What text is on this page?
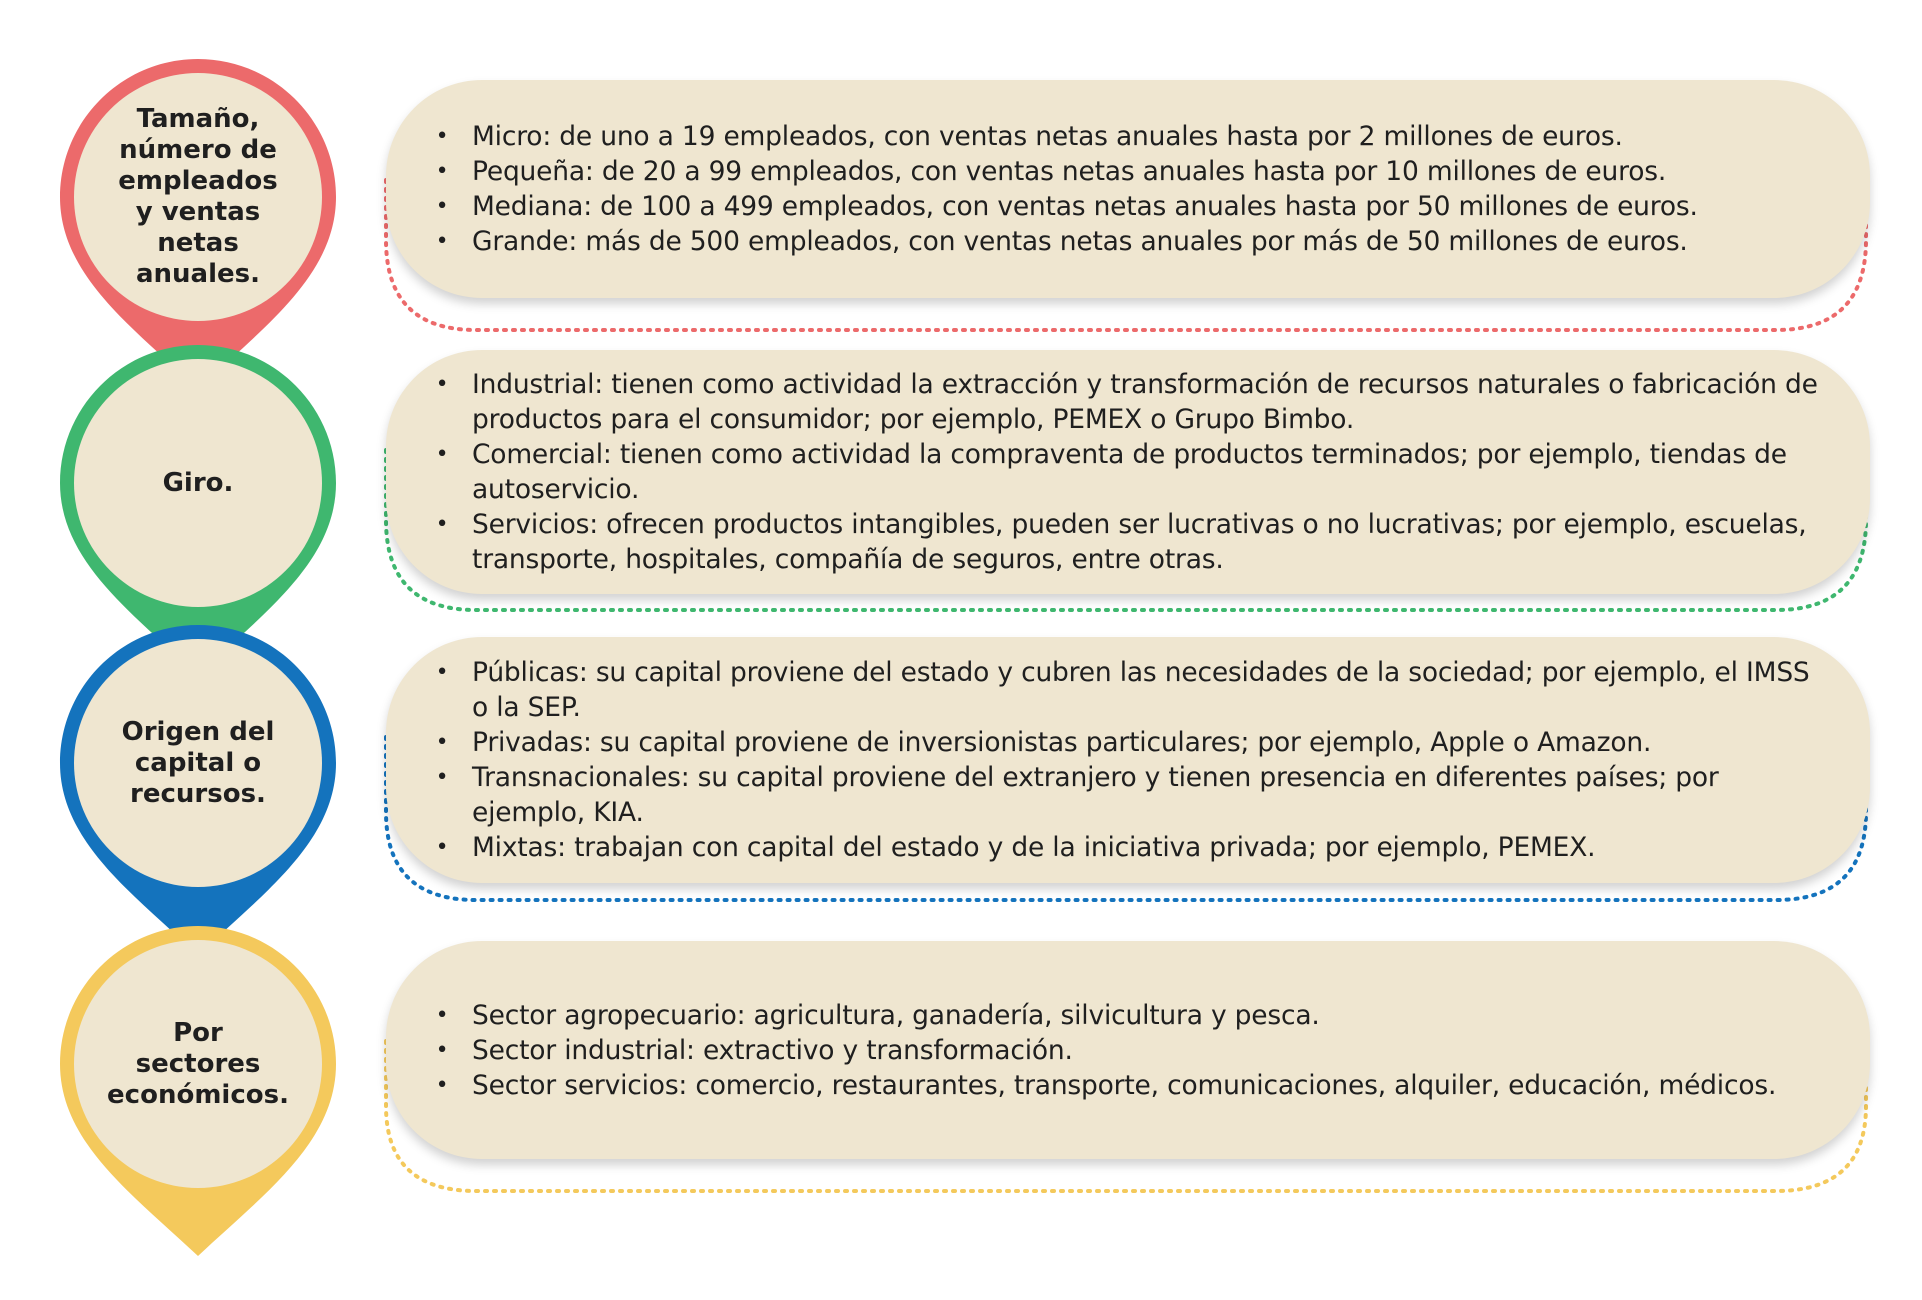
• Micro: de uno a 19 empleados, con ventas netas anuales hasta por 2 millones de euros.
• Pequeña: de 20 a 99 empleados, con ventas netas anuales hasta por 10 millones de euros.
• Mediana: de 100 a 499 empleados, con ventas netas anuales hasta por 50 millones de euros.
• Grande: más de 500 empleados, con ventas netas anuales por más de 50 millones de euros.
Tamaño, número de empleados y ventas netas anuales.
• Industrial: tienen como actividad la extracción y transformación de recursos naturales o fabricación de productos para el consumidor; por ejemplo, PEMEX o Grupo Bimbo.
• Comercial: tienen como actividad la compraventa de productos terminados; por ejemplo, tiendas de autoservicio.
• Servicios: ofrecen productos intangibles, pueden ser lucrativas o no lucrativas; por ejemplo, escuelas, transporte, hospitales, compañía de seguros, entre otras.
Giro.
• Públicas: su capital proviene del estado y cubren las necesidades de la sociedad; por ejemplo, el IMSS o la SEP.
• Privadas: su capital proviene de inversionistas particulares; por ejemplo, Apple o Amazon.
• Transnacionales: su capital proviene del extranjero y tienen presencia en diferentes países; por ejemplo, KIA.
• Mixtas: trabajan con capital del estado y de la iniciativa privada; por ejemplo, PEMEX.
Origen del capital o recursos.
• Sector agropecuario: agricultura, ganadería, silvicultura y pesca.
• Sector industrial: extractivo y transformación.
• Sector servicios: comercio, restaurantes, transporte, comunicaciones, alquiler, educación, médicos.
Por sectores económicos.
